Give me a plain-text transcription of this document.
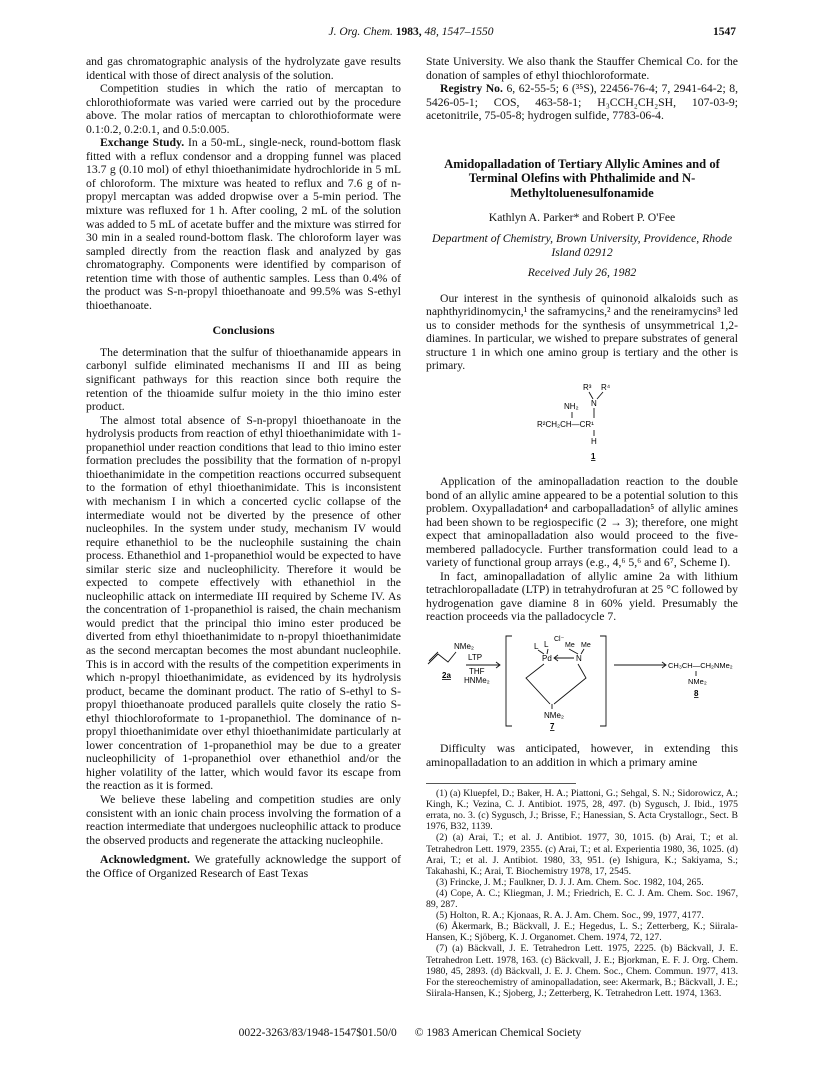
J. Org. Chem. 1983, 48, 1547–1550	1547

and gas chromatographic analysis of the hydrolyzate gave results identical with those of direct analysis of the solution.

Competition studies in which the ratio of mercaptan to chlorothioformate was varied were carried out by the procedure above. The molar ratios of mercaptan to chlorothioformate were 0.1:0.2, 0.2:0.1, and 0.5:0.005.

Exchange Study. In a 50-mL, single-neck, round-bottom flask fitted with a reflux condensor and a dropping funnel was placed 13.7 g (0.10 mol) of ethyl thioethanimidate hydrochloride in 5 mL of chloroform. The mixture was heated to reflux and 7.6 g of n-propyl mercaptan was added dropwise over a 5-min period. The mixture was refluxed for 1 h. After cooling, 2 mL of the solution was added to 5 mL of acetate buffer and the mixture was stirred for 30 min in a sealed round-bottom flask. The chloroform layer was sampled directly from the reaction flask and analyzed by gas chromatography. Components were identified by comparison of retention time with those of authentic samples. Less than 0.4% of the product was S-n-propyl thioethanoate and 99.5% was S-ethyl thioethanoate.

Conclusions

The determination that the sulfur of thioethanamide appears in carbonyl sulfide eliminated mechanisms II and III as being significant pathways for this reaction since both require the retention of the thioamide sulfur moiety in the thio imino ester product.

The almost total absence of S-n-propyl thioethanoate in the hydrolysis products from reaction of ethyl thioethanimidate with 1-propanethiol under reaction conditions that lead to thio imino ester formation precludes the possibility that the formation of n-propyl thioethanimidate in the competition reactions occurred subsequent to the formation of ethyl thioethanimidate. This is inconsistent with mechanism I in which a concerted cyclic collapse of the intermediate would not be diverted by the presence of other nucleophiles. In the system under study, mechanism IV would require ethanethiol to be the nucleophile sustaining the chain process. Ethanethiol and 1-propanethiol would be expected to have similar steric size and nucleophilicity. Therefore it would be expected to compete effectively with ethanethiol in the nucleophilic attack on intermediate III required by Scheme IV. As the concentration of 1-propanethiol is raised, the chain mechanism would predict that the principal thio imino ester produced be diverted from ethyl thioethanimidate to n-propyl thioethanimidate as the second mercaptan becomes the most abundant nucleophile. This is in accord with the results of the competition experiments in which n-propyl thioethanimidate, as evidenced by its hydrolysis product, became the dominant product. The ratio of S-ethyl to S-propyl thioethanoate produced parallels quite closely the ratio S-ethyl thiochloroformate to 1-propanethiol. The dominance of n-propyl thioethanimidate over ethyl thioethanimidate particularly at lower concentration of 1-propanethiol may be due to a greater nucleophilicity of 1-propanethiol over ethanethiol and/or the higher volatility of the latter, which would favor its escape from the reaction as it is formed.

We believe these labeling and competition studies are only consistent with an ionic chain process involving the formation of a reaction intermediate that undergoes nucleophilic attack to produce the observed products and regenerate the attacking nucleophile.

Acknowledgment. We gratefully acknowledge the support of the Office of Organized Research of East Texas

State University. We also thank the Stauffer Chemical Co. for the donation of samples of ethyl thiochloroformate.

Registry No. 6, 62-55-5; 6 (³⁵S), 22456-76-4; 7, 2941-64-2; 8, 5426-05-1; COS, 463-58-1; H₃CCH₂CH₂SH, 107-03-9; acetonitrile, 75-05-8; hydrogen sulfide, 7783-06-4.

Amidopalladation of Tertiary Allylic Amines and of Terminal Olefins with Phthalimide and N-Methyltoluenesulfonamide
Kathlyn A. Parker* and Robert P. O'Fee
Department of Chemistry, Brown University, Providence, Rhode Island 02912
Received July 26, 1982

Our interest in the synthesis of quinonoid alkaloids such as naphthyridinomycin,¹ the saframycins,² and the reneiramycins³ led us to consider methods for the synthesis of unsymmetrical 1,2-diamines. In particular, we wished to prepare substrates of general structure 1 in which one amino group is tertiary and the other is primary.

R³ R⁴
NH₂ N
R²CH₂CH—CR¹
H
1

Application of the aminopalladation reaction to the double bond of an allylic amine appeared to be a potential solution to this problem. Oxypalladation⁴ and carbopalladation⁵ of allylic amines had been shown to be regiospecific (2 → 3); therefore, one might expect that aminopalladation also would proceed to the five-membered palladocycle. Further transformation could lead to a variety of functional group arrays (e.g., 4,⁶ 5,⁶ and 6⁷, Scheme I).

In fact, aminopalladation of allylic amine 2a with lithium tetrachloropalladate (LTP) in tetrahydrofuran at 25 °C followed by hydrogenation gave diamine 8 in 60% yield. Presumably the reaction proceeds via the palladocycle 7.

NMe₂
2a
LTP
THF
HNMe₂
Cl⁻
L L Me Me
Pd	N
NMe₂
7
CH₃CH—CH₂NMe₂
NMe₂
8

Difficulty was anticipated, however, in extending this aminopalladation to an addition in which a primary amine

(1) (a) Kluepfel, D.; Baker, H. A.; Piattoni, G.; Sehgal, S. N.; Sidorowicz, A.; Kingh, K.; Vezina, C. J. Antibiot. 1975, 28, 497. (b) Sygusch, J. Ibid., 1975 errata, no. 3. (c) Sygusch, J.; Brisse, F.; Hanessian, S. Acta Crystallogr., Sect. B 1976, B32, 1139.

(2) (a) Arai, T.; et al. J. Antibiot. 1977, 30, 1015. (b) Arai, T.; et al. Tetrahedron Lett. 1979, 2355. (c) Arai, T.; et al. Experientia 1980, 36, 1025. (d) Arai, T.; et al. J. Antibiot. 1980, 33, 951. (e) Ishigura, K.; Sakiyama, S.; Takahashi, K.; Arai, T. Biochemistry 1978, 17, 2545.

(3) Frincke, J. M.; Faulkner, D. J. J. Am. Chem. Soc. 1982, 104, 265.

(4) Cope, A. C.; Kliegman, J. M.; Friedrich, E. C. J. Am. Chem. Soc. 1967, 89, 287.

(5) Holton, R. A.; Kjonaas, R. A. J. Am. Chem. Soc., 99, 1977, 4177.

(6) Åkermark, B.; Bäckvall, J. E.; Hegedus, L. S.; Zetterberg, K.; Siirala-Hansen, K.; Sjöberg, K. J. Organomet. Chem. 1974, 72, 127.

(7) (a) Bäckvall, J. E. Tetrahedron Lett. 1975, 2225. (b) Bäckvall, J. E. Tetrahedron Lett. 1978, 163. (c) Bäckvall, J. E.; Bjorkman, E. F. J. Org. Chem. 1980, 45, 2893. (d) Bäckvall, J. E. J. Chem. Soc., Chem. Commun. 1977, 413. For the stereochemistry of aminopalladation, see: Akermark, B.; Bäckvall, J. E.; Siirala-Hansen, K.; Sjoberg, J.; Zetterberg, K. Tetrahedron Lett. 1974, 1363.

0022-3263/83/1948-1547$01.50/0 © 1983 American Chemical Society
